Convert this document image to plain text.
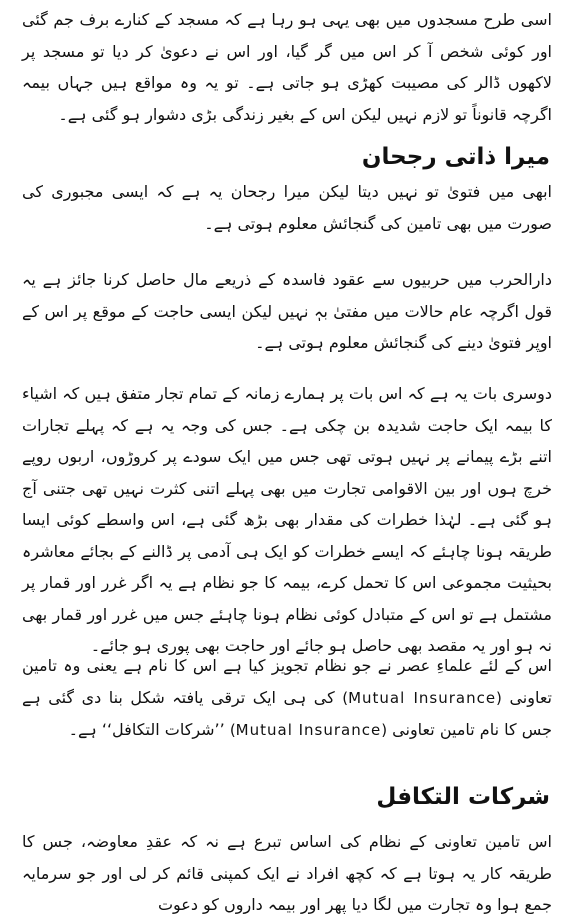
اسی طرح مسجدوں میں بھی یہی ہو رہا ہے کہ مسجد کے کنارے برف جم گئی اور کوئی شخص آ کر اس میں گر گیا، اور اس نے دعویٰ کر دیا تو مسجد پر لاکھوں ڈالر کی مصیبت کھڑی ہو جاتی ہے۔ تو یہ وہ مواقع ہیں جہاں بیمہ اگرچہ قانوناً تو لازم نہیں لیکن اس کے بغیر زندگی بڑی دشوار ہو گئی ہے۔

میرا ذاتی رجحان

ابھی میں فتویٰ تو نہیں دیتا لیکن میرا رجحان یہ ہے کہ ایسی مجبوری کی صورت میں بھی تامین کی گنجائش معلوم ہوتی ہے۔

دارالحرب میں حربیوں سے عقود فاسدہ کے ذریعے مال حاصل کرنا جائز ہے یہ قول اگرچہ عام حالات میں مفتیٰ بہٖ نہیں لیکن ایسی حاجت کے موقع پر اس کے اوپر فتویٰ دینے کی گنجائش معلوم ہوتی ہے۔

دوسری بات یہ ہے کہ اس بات پر ہمارے زمانہ کے تمام تجار متفق ہیں کہ اشیاء کا بیمہ ایک حاجت شدیدہ بن چکی ہے۔ جس کی وجہ یہ ہے کہ پہلے تجارات اتنے بڑے پیمانے پر نہیں ہوتی تھی جس میں ایک سودے پر کروڑوں، اربوں روپے خرچ ہوں اور بین الاقوامی تجارت میں بھی پہلے اتنی کثرت نہیں تھی جتنی آج ہو گئی ہے۔ لہٰذا خطرات کی مقدار بھی بڑھ گئی ہے، اس واسطے کوئی ایسا طریقہ ہونا چاہئے کہ ایسے خطرات کو ایک ہی آدمی پر ڈالنے کے بجائے معاشرہ بحیثیت مجموعی اس کا تحمل کرے، بیمہ کا جو نظام ہے یہ اگر غرر اور قمار پر مشتمل ہے تو اس کے متبادل کوئی نظام ہونا چاہئے جس میں غرر اور قمار بھی نہ ہو اور یہ مقصد بھی حاصل ہو جائے اور حاجت بھی پوری ہو جائے۔

اس کے لئے علماءِ عصر نے جو نظام تجویز کیا ہے اس کا نام ہے یعنی وہ تامین تعاونی (Mutual Insurance) کی ہی ایک ترقی یافتہ شکل بنا دی گئی ہے جس کا نام تامین تعاونی (Mutual Insurance) ’’شرکات التکافل‘‘ ہے۔

شرکات التکافل

اس تامین تعاونی کے نظام کی اساس تبرع ہے نہ کہ عقدِ معاوضہ، جس کا طریقہ کار یہ ہوتا ہے کہ کچھ افراد نے ایک کمپنی قائم کر لی اور جو سرمایہ جمع ہوا وہ تجارت میں لگا دیا پھر اور بیمہ داروں کو دعوت
